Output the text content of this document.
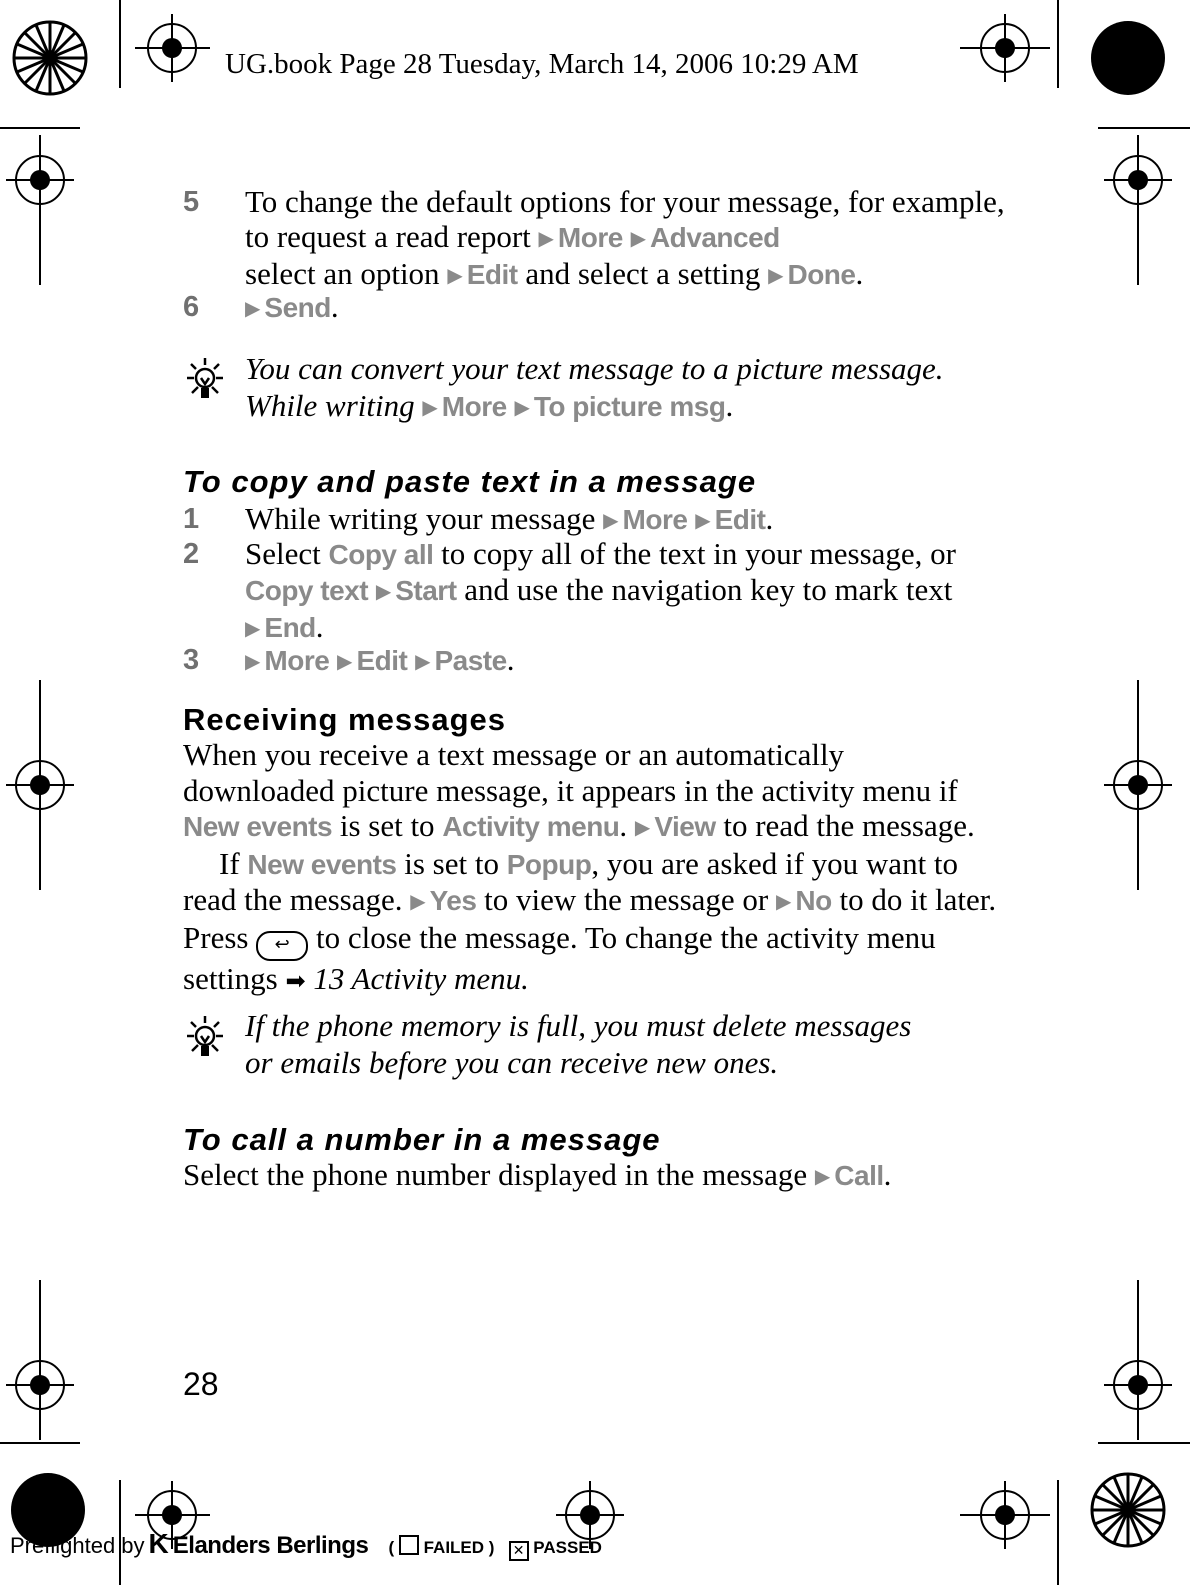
UG.book Page 28 Tuesday, March 14, 2006 10:29 AM
5	To change the default options for your message, for example, to request a read report ▶ More ▶ Advanced
select an option ▶ Edit and select a setting ▶ Done.
6	▶ Send.
You can convert your text message to a picture message.
While writing ▶ More ▶ To picture msg.
To copy and paste text in a message
1	While writing your message ▶ More ▶ Edit.
2	Select Copy all to copy all of the text in your message, or Copy text ▶ Start and use the navigation key to mark text ▶ End.
3	▶ More ▶ Edit ▶ Paste.
Receiving messages
When you receive a text message or an automatically downloaded picture message, it appears in the activity menu if New events is set to Activity menu. ▶ View to read the message.
If New events is set to Popup, you are asked if you want to read the message. ▶ Yes to view the message or ▶ No to do it later. Press ↩ to close the message. To change the activity menu settings ➡ 13 Activity menu.
If the phone memory is full, you must delete messages
or emails before you can receive new ones.
To call a number in a message
Select the phone number displayed in the message ▶ Call.
28
Preflighted by K Elanders Berlings (  FAILED ) ✕ PASSED
